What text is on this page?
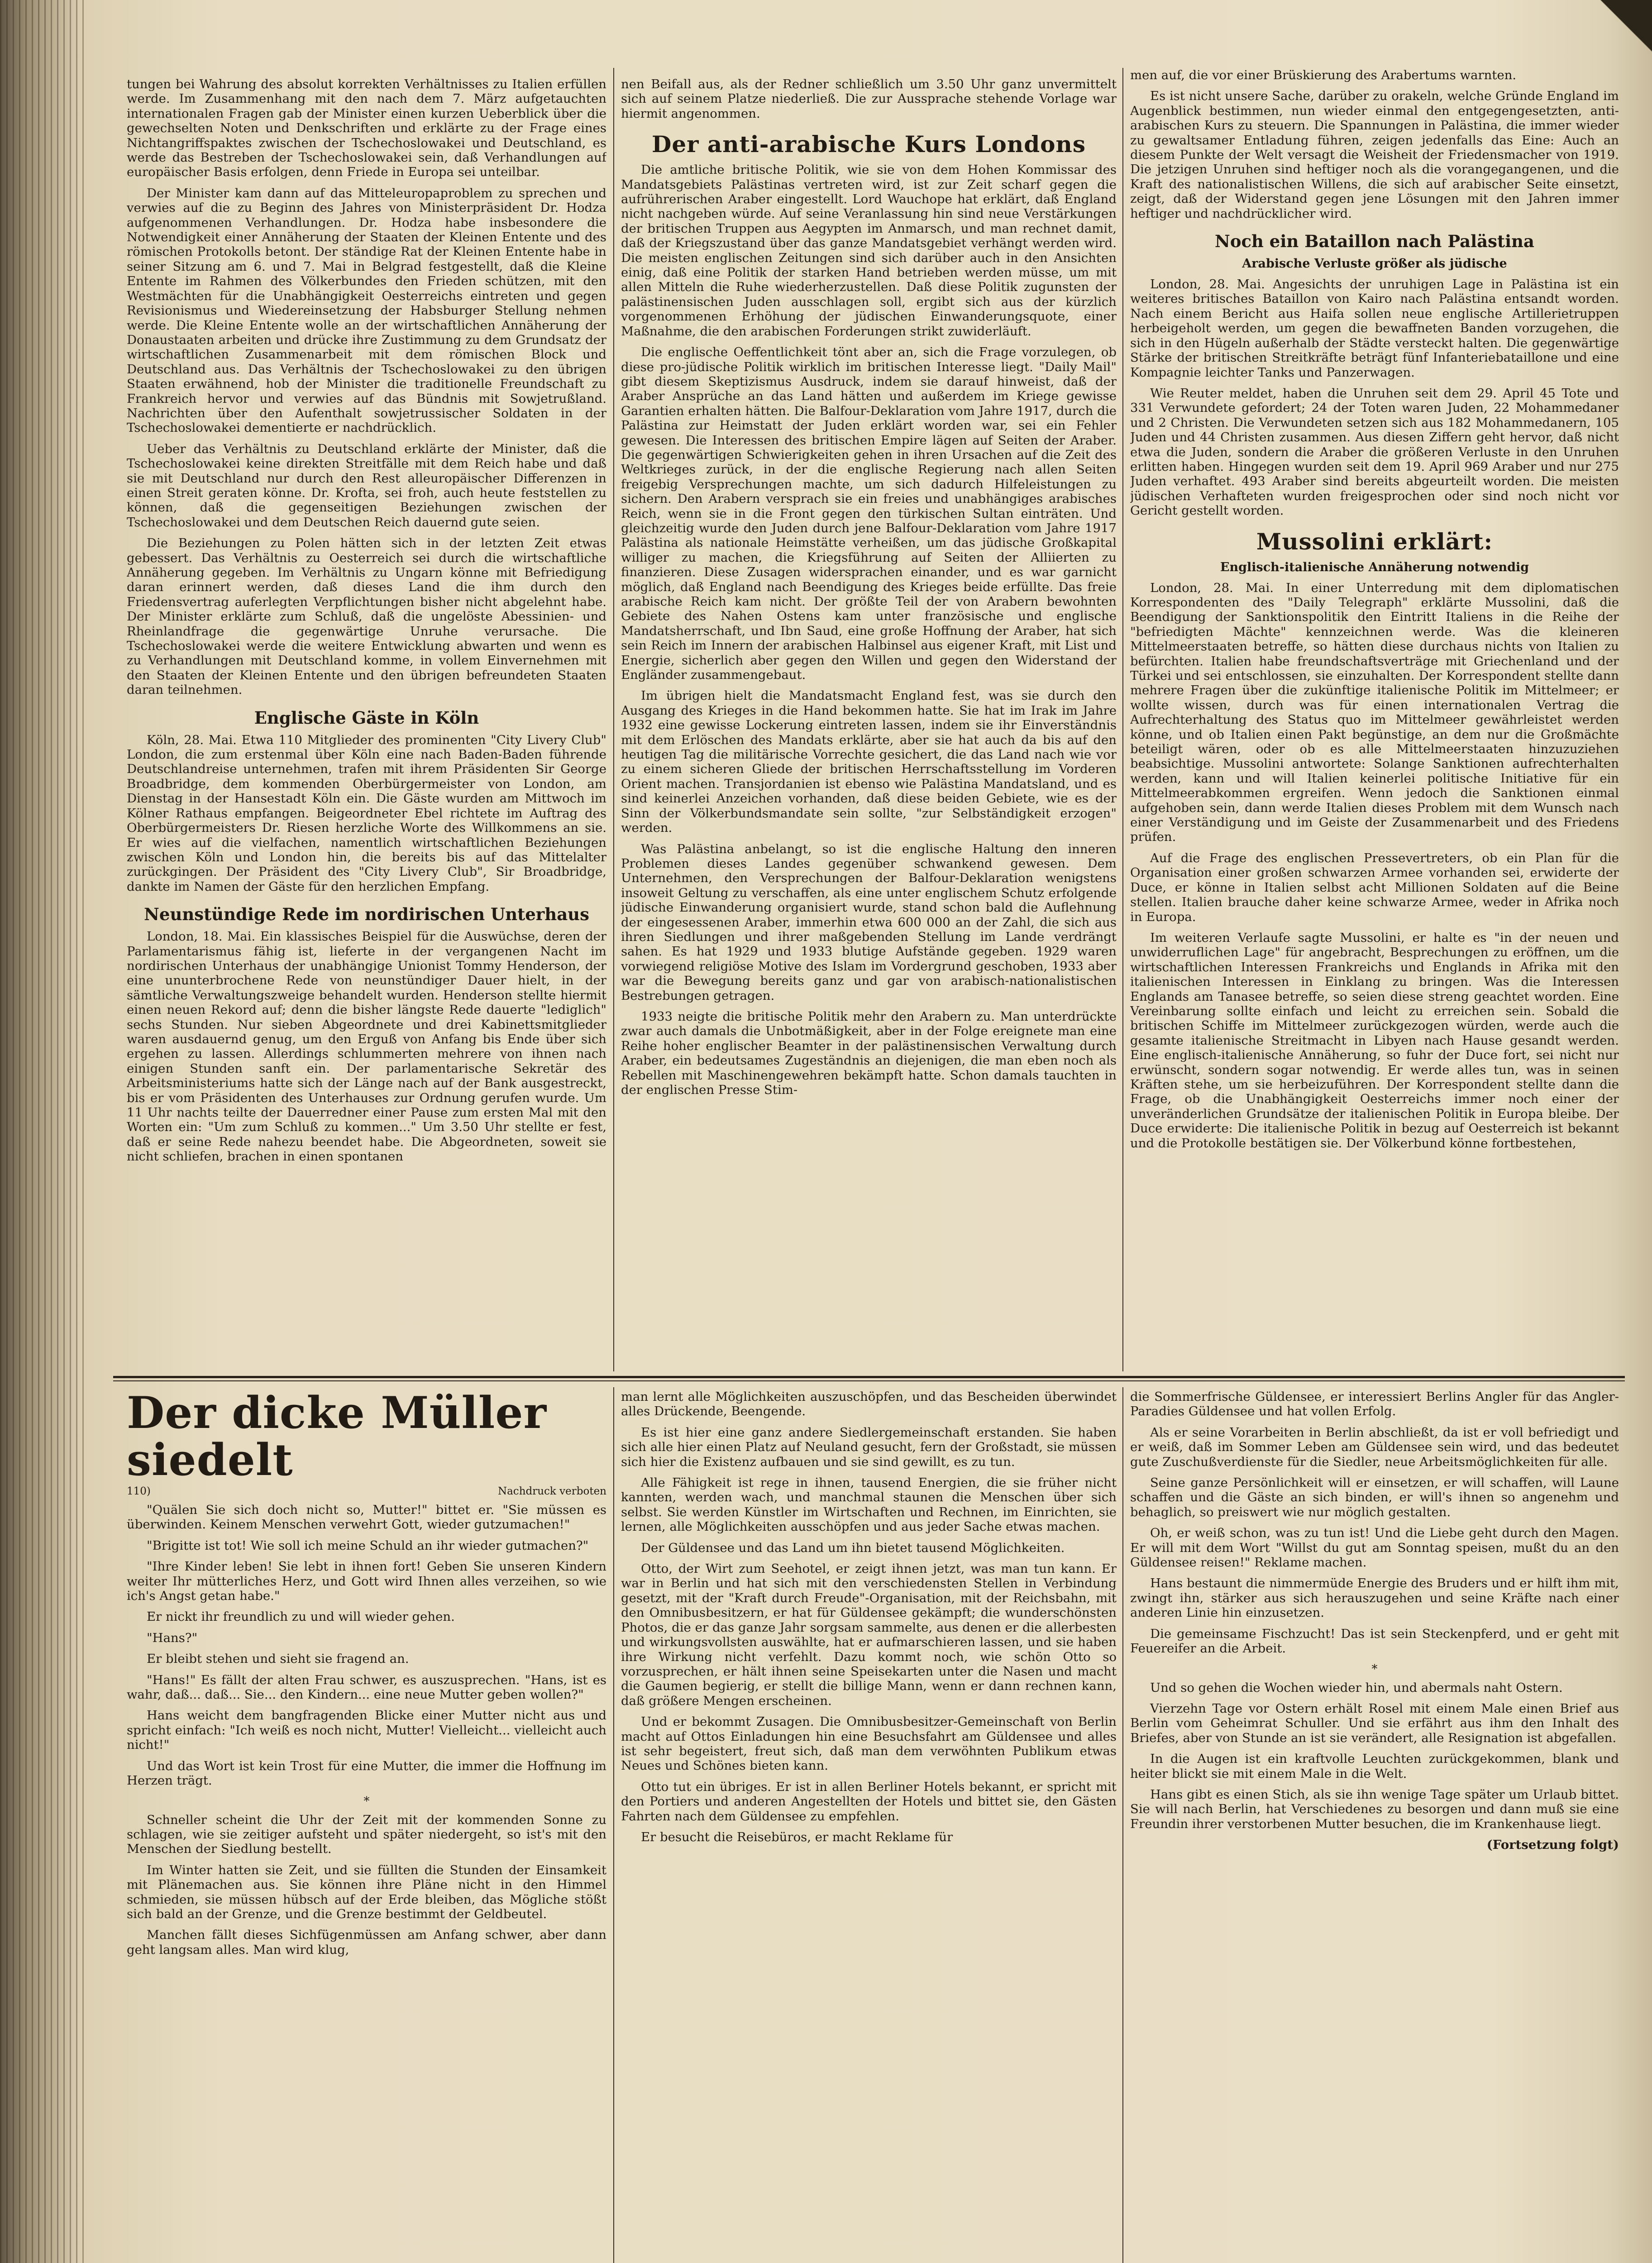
tungen bei Wahrung des absolut korrekten Verhältnisses zu Italien erfüllen werde. Im Zusammenhang mit den nach dem 7. März aufgetauchten internationalen Fragen gab der Minister einen kurzen Ueberblick über die gewechselten Noten und Denkschriften und erklärte zu der Frage eines Nichtangriffspaktes zwischen der Tschechoslowakei und Deutschland, es werde das Bestreben der Tschechoslowakei sein, daß Verhandlungen auf europäischer Basis erfolgen, denn Friede in Europa sei unteilbar.

Der Minister kam dann auf das Mitteleuropaproblem zu sprechen und verwies auf die zu Beginn des Jahres von Ministerpräsident Dr. Hodza aufgenommenen Verhandlungen. Dr. Hodza habe insbesondere die Notwendigkeit einer Annäherung der Staaten der Kleinen Entente und des römischen Protokolls betont. Der ständige Rat der Kleinen Entente habe in seiner Sitzung am 6. und 7. Mai in Belgrad festgestellt, daß die Kleine Entente im Rahmen des Völkerbundes den Frieden schützen, mit den Westmächten für die Unabhängigkeit Oesterreichs eintreten und gegen Revisionismus und Wiedereinsetzung der Habsburger Stellung nehmen werde. Die Kleine Entente wolle an der wirtschaftlichen Annäherung der Donaustaaten arbeiten und drücke ihre Zustimmung zu dem Grundsatz der wirtschaftlichen Zusammenarbeit mit dem römischen Block und Deutschland aus. Das Verhältnis der Tschechoslowakei zu den übrigen Staaten erwähnend, hob der Minister die traditionelle Freundschaft zu Frankreich hervor und verwies auf das Bündnis mit Sowjetrußland. Nachrichten über den Aufenthalt sowjetrussischer Soldaten in der Tschechoslowakei dementierte er nachdrücklich.

Ueber das Verhältnis zu Deutschland erklärte der Minister, daß die Tschechoslowakei keine direkten Streitfälle mit dem Reich habe und daß sie mit Deutschland nur durch den Rest alleuropäischer Differenzen in einen Streit geraten könne. Dr. Krofta, sei froh, auch heute feststellen zu können, daß die gegenseitigen Beziehungen zwischen der Tschechoslowakei und dem Deutschen Reich dauernd gute seien.

Die Beziehungen zu Polen hätten sich in der letzten Zeit etwas gebessert. Das Verhältnis zu Oesterreich sei durch die wirtschaftliche Annäherung gegeben. Im Verhältnis zu Ungarn könne mit Befriedigung daran erinnert werden, daß dieses Land die ihm durch den Friedensvertrag auferlegten Verpflichtungen bisher nicht abgelehnt habe. Der Minister erklärte zum Schluß, daß die ungelöste Abessinien- und Rheinlandfrage die gegenwärtige Unruhe verursache. Die Tschechoslowakei werde die weitere Entwicklung abwarten und wenn es zu Verhandlungen mit Deutschland komme, in vollem Einvernehmen mit den Staaten der Kleinen Entente und den übrigen befreundeten Staaten daran teilnehmen.

Englische Gäste in Köln

Köln, 28. Mai. Etwa 110 Mitglieder des prominenten "City Livery Club" London, die zum erstenmal über Köln eine nach Baden-Baden führende Deutschlandreise unternehmen, trafen mit ihrem Präsidenten Sir George Broadbridge, dem kommenden Oberbürgermeister von London, am Dienstag in der Hansestadt Köln ein. Die Gäste wurden am Mittwoch im Kölner Rathaus empfangen. Beigeordneter Ebel richtete im Auftrag des Oberbürgermeisters Dr. Riesen herzliche Worte des Willkommens an sie. Er wies auf die vielfachen, namentlich wirtschaftlichen Beziehungen zwischen Köln und London hin, die bereits bis auf das Mittelalter zurückgingen. Der Präsident des "City Livery Club", Sir Broadbridge, dankte im Namen der Gäste für den herzlichen Empfang.

Neunstündige Rede im nordirischen Unterhaus

London, 18. Mai. Ein klassisches Beispiel für die Auswüchse, deren der Parlamentarismus fähig ist, lieferte in der vergangenen Nacht im nordirischen Unterhaus der unabhängige Unionist Tommy Henderson, der eine ununterbrochene Rede von neunstündiger Dauer hielt, in der sämtliche Verwaltungszweige behandelt wurden. Henderson stellte hiermit einen neuen Rekord auf; denn die bisher längste Rede dauerte "lediglich" sechs Stunden. Nur sieben Abgeordnete und drei Kabinettsmitglieder waren ausdauernd genug, um den Erguß von Anfang bis Ende über sich ergehen zu lassen. Allerdings schlummerten mehrere von ihnen nach einigen Stunden sanft ein. Der parlamentarische Sekretär des Arbeitsministeriums hatte sich der Länge nach auf der Bank ausgestreckt, bis er vom Präsidenten des Unterhauses zur Ordnung gerufen wurde. Um 11 Uhr nachts teilte der Dauerredner einer Pause zum ersten Mal mit den Worten ein: "Um zum Schluß zu kommen..." Um 3.50 Uhr stellte er fest, daß er seine Rede nahezu beendet habe. Die Abgeordneten, soweit sie nicht schliefen, brachen in einen spontanen

nen Beifall aus, als der Redner schließlich um 3.50 Uhr ganz unvermittelt sich auf seinem Platze niederließ. Die zur Aussprache stehende Vorlage war hiermit angenommen.

Der anti-arabische Kurs Londons

Die amtliche britische Politik, wie sie von dem Hohen Kommissar des Mandatsgebiets Palästinas vertreten wird, ist zur Zeit scharf gegen die aufrührerischen Araber eingestellt. Lord Wauchope hat erklärt, daß England nicht nachgeben würde. Auf seine Veranlassung hin sind neue Verstärkungen der britischen Truppen aus Aegypten im Anmarsch, und man rechnet damit, daß der Kriegszustand über das ganze Mandatsgebiet verhängt werden wird. Die meisten englischen Zeitungen sind sich darüber auch in den Ansichten einig, daß eine Politik der starken Hand betrieben werden müsse, um mit allen Mitteln die Ruhe wiederherzustellen. Daß diese Politik zugunsten der palästinensischen Juden ausschlagen soll, ergibt sich aus der kürzlich vorgenommenen Erhöhung der jüdischen Einwanderungsquote, einer Maßnahme, die den arabischen Forderungen strikt zuwiderläuft.

Die englische Oeffentlichkeit tönt aber an, sich die Frage vorzulegen, ob diese pro-jüdische Politik wirklich im britischen Interesse liegt. "Daily Mail" gibt diesem Skeptizismus Ausdruck, indem sie darauf hinweist, daß der Araber Ansprüche an das Land hätten und außerdem im Kriege gewisse Garantien erhalten hätten. Die Balfour-Deklaration vom Jahre 1917, durch die Palästina zur Heimstatt der Juden erklärt worden war, sei ein Fehler gewesen. Die Interessen des britischen Empire lägen auf Seiten der Araber. Die gegenwärtigen Schwierigkeiten gehen in ihren Ursachen auf die Zeit des Weltkrieges zurück, in der die englische Regierung nach allen Seiten freigebig Versprechungen machte, um sich dadurch Hilfeleistungen zu sichern. Den Arabern versprach sie ein freies und unabhängiges arabisches Reich, wenn sie in die Front gegen den türkischen Sultan einträten. Und gleichzeitig wurde den Juden durch jene Balfour-Deklaration vom Jahre 1917 Palästina als nationale Heimstätte verheißen, um das jüdische Großkapital williger zu machen, die Kriegsführung auf Seiten der Alliierten zu finanzieren. Diese Zusagen widersprachen einander, und es war garnicht möglich, daß England nach Beendigung des Krieges beide erfüllte. Das freie arabische Reich kam nicht. Der größte Teil der von Arabern bewohnten Gebiete des Nahen Ostens kam unter französische und englische Mandatsherrschaft, und Ibn Saud, eine große Hoffnung der Araber, hat sich sein Reich im Innern der arabischen Halbinsel aus eigener Kraft, mit List und Energie, sicherlich aber gegen den Willen und gegen den Widerstand der Engländer zusammengebaut.

Im übrigen hielt die Mandatsmacht England fest, was sie durch den Ausgang des Krieges in die Hand bekommen hatte. Sie hat im Irak im Jahre 1932 eine gewisse Lockerung eintreten lassen, indem sie ihr Einverständnis mit dem Erlöschen des Mandats erklärte, aber sie hat auch da bis auf den heutigen Tag die militärische Vorrechte gesichert, die das Land nach wie vor zu einem sicheren Gliede der britischen Herrschaftsstellung im Vorderen Orient machen. Transjordanien ist ebenso wie Palästina Mandatsland, und es sind keinerlei Anzeichen vorhanden, daß diese beiden Gebiete, wie es der Sinn der Völkerbundsmandate sein sollte, "zur Selbständigkeit erzogen" werden.

Was Palästina anbelangt, so ist die englische Haltung den inneren Problemen dieses Landes gegenüber schwankend gewesen. Dem Unternehmen, den Versprechungen der Balfour-Deklaration wenigstens insoweit Geltung zu verschaffen, als eine unter englischem Schutz erfolgende jüdische Einwanderung organisiert wurde, stand schon bald die Auflehnung der eingesessenen Araber, immerhin etwa 600 000 an der Zahl, die sich aus ihren Siedlungen und ihrer maßgebenden Stellung im Lande verdrängt sahen. Es hat 1929 und 1933 blutige Aufstände gegeben. 1929 waren vorwiegend religiöse Motive des Islam im Vordergrund geschoben, 1933 aber war die Bewegung bereits ganz und gar von arabisch-nationalistischen Bestrebungen getragen.

1933 neigte die britische Politik mehr den Arabern zu. Man unterdrückte zwar auch damals die Unbotmäßigkeit, aber in der Folge ereignete man eine Reihe hoher englischer Beamter in der palästinensischen Verwaltung durch Araber, ein bedeutsames Zugeständnis an diejenigen, die man eben noch als Rebellen mit Maschinengewehren bekämpft hatte. Schon damals tauchten in der englischen Presse Stim-

men auf, die vor einer Brüskierung des Arabertums warnten.

Es ist nicht unsere Sache, darüber zu orakeln, welche Gründe England im Augenblick bestimmen, nun wieder einmal den entgegengesetzten, anti-arabischen Kurs zu steuern. Die Spannungen in Palästina, die immer wieder zu gewaltsamer Entladung führen, zeigen jedenfalls das Eine: Auch an diesem Punkte der Welt versagt die Weisheit der Friedensmacher von 1919. Die jetzigen Unruhen sind heftiger noch als die vorangegangenen, und die Kraft des nationalistischen Willens, die sich auf arabischer Seite einsetzt, zeigt, daß der Widerstand gegen jene Lösungen mit den Jahren immer heftiger und nachdrücklicher wird.

Noch ein Bataillon nach Palästina
Arabische Verluste größer als jüdische

London, 28. Mai. Angesichts der unruhigen Lage in Palästina ist ein weiteres britisches Bataillon von Kairo nach Palästina entsandt worden. Nach einem Bericht aus Haifa sollen neue englische Artillerietruppen herbeigeholt werden, um gegen die bewaffneten Banden vorzugehen, die sich in den Hügeln außerhalb der Städte versteckt halten. Die gegenwärtige Stärke der britischen Streitkräfte beträgt fünf Infanteriebataillone und eine Kompagnie leichter Tanks und Panzerwagen.

Wie Reuter meldet, haben die Unruhen seit dem 29. April 45 Tote und 331 Verwundete gefordert; 24 der Toten waren Juden, 22 Mohammedaner und 2 Christen. Die Verwundeten setzen sich aus 182 Mohammedanern, 105 Juden und 44 Christen zusammen. Aus diesen Ziffern geht hervor, daß nicht etwa die Juden, sondern die Araber die größeren Verluste in den Unruhen erlitten haben. Hingegen wurden seit dem 19. April 969 Araber und nur 275 Juden verhaftet. 493 Araber sind bereits abgeurteilt worden. Die meisten jüdischen Verhafteten wurden freigesprochen oder sind noch nicht vor Gericht gestellt worden.

Mussolini erklärt:
Englisch-italienische Annäherung notwendig

London, 28. Mai. In einer Unterredung mit dem diplomatischen Korrespondenten des "Daily Telegraph" erklärte Mussolini, daß die Beendigung der Sanktionspolitik den Eintritt Italiens in die Reihe der "befriedigten Mächte" kennzeichnen werde. Was die kleineren Mittelmeerstaaten betreffe, so hätten diese durchaus nichts von Italien zu befürchten. Italien habe freundschaftsverträge mit Griechenland und der Türkei und sei entschlossen, sie einzuhalten. Der Korrespondent stellte dann mehrere Fragen über die zukünftige italienische Politik im Mittelmeer; er wollte wissen, durch was für einen internationalen Vertrag die Aufrechterhaltung des Status quo im Mittelmeer gewährleistet werden könne, und ob Italien einen Pakt begünstige, an dem nur die Großmächte beteiligt wären, oder ob es alle Mittelmeerstaaten hinzuzuziehen beabsichtige. Mussolini antwortete: Solange Sanktionen aufrechterhalten werden, kann und will Italien keinerlei politische Initiative für ein Mittelmeerabkommen ergreifen. Wenn jedoch die Sanktionen einmal aufgehoben sein, dann werde Italien dieses Problem mit dem Wunsch nach einer Verständigung und im Geiste der Zusammenarbeit und des Friedens prüfen.

Auf die Frage des englischen Pressevertreters, ob ein Plan für die Organisation einer großen schwarzen Armee vorhanden sei, erwiderte der Duce, er könne in Italien selbst acht Millionen Soldaten auf die Beine stellen. Italien brauche daher keine schwarze Armee, weder in Afrika noch in Europa.

Im weiteren Verlaufe sagte Mussolini, er halte es "in der neuen und unwiderruflichen Lage" für angebracht, Besprechungen zu eröffnen, um die wirtschaftlichen Interessen Frankreichs und Englands in Afrika mit den italienischen Interessen in Einklang zu bringen. Was die Interessen Englands am Tanasee betreffe, so seien diese streng geachtet worden. Eine Vereinbarung sollte einfach und leicht zu erreichen sein. Sobald die britischen Schiffe im Mittelmeer zurückgezogen würden, werde auch die gesamte italienische Streitmacht in Libyen nach Hause gesandt werden. Eine englisch-italienische Annäherung, so fuhr der Duce fort, sei nicht nur erwünscht, sondern sogar notwendig. Er werde alles tun, was in seinen Kräften stehe, um sie herbeizuführen. Der Korrespondent stellte dann die Frage, ob die Unabhängigkeit Oesterreichs immer noch einer der unveränderlichen Grundsätze der italienischen Politik in Europa bleibe. Der Duce erwiderte: Die italienische Politik in bezug auf Oesterreich ist bekannt und die Protokolle bestätigen sie. Der Völkerbund könne fortbestehen,

Der dicke Müller siedelt
110)	Nachdruck verboten

"Quälen Sie sich doch nicht so, Mutter!" bittet er. "Sie müssen es überwinden. Keinem Menschen verwehrt Gott, wieder gutzumachen!"

"Brigitte ist tot! Wie soll ich meine Schuld an ihr wieder gutmachen?"

"Ihre Kinder leben! Sie lebt in ihnen fort! Geben Sie unseren Kindern weiter Ihr mütterliches Herz, und Gott wird Ihnen alles verzeihen, so wie ich's Angst getan habe."

Er nickt ihr freundlich zu und will wieder gehen.

"Hans?"

Er bleibt stehen und sieht sie fragend an.

"Hans!" Es fällt der alten Frau schwer, es auszusprechen. "Hans, ist es wahr, daß... daß... Sie... den Kindern... eine neue Mutter geben wollen?"

Hans weicht dem bangfragenden Blicke einer Mutter nicht aus und spricht einfach: "Ich weiß es noch nicht, Mutter! Vielleicht... vielleicht auch nicht!"

Und das Wort ist kein Trost für eine Mutter, die immer die Hoffnung im Herzen trägt.

*

Schneller scheint die Uhr der Zeit mit der kommenden Sonne zu schlagen, wie sie zeitiger aufsteht und später niedergeht, so ist's mit den Menschen der Siedlung bestellt.

Im Winter hatten sie Zeit, und sie füllten die Stunden der Einsamkeit mit Plänemachen aus. Sie können ihre Pläne nicht in den Himmel schmieden, sie müssen hübsch auf der Erde bleiben, das Mögliche stößt sich bald an der Grenze, und die Grenze bestimmt der Geldbeutel.

Manchen fällt dieses Sichfügenmüssen am Anfang schwer, aber dann geht langsam alles. Man wird klug,

man lernt alle Möglichkeiten auszuschöpfen, und das Bescheiden überwindet alles Drückende, Beengende.

Es ist hier eine ganz andere Siedlergemeinschaft erstanden. Sie haben sich alle hier einen Platz auf Neuland gesucht, fern der Großstadt, sie müssen sich hier die Existenz aufbauen und sie sind gewillt, es zu tun.

Alle Fähigkeit ist rege in ihnen, tausend Energien, die sie früher nicht kannten, werden wach, und manchmal staunen die Menschen über sich selbst. Sie werden Künstler im Wirtschaften und Rechnen, im Einrichten, sie lernen, alle Möglichkeiten ausschöpfen und aus jeder Sache etwas machen.

Der Güldensee und das Land um ihn bietet tausend Möglichkeiten.

Otto, der Wirt zum Seehotel, er zeigt ihnen jetzt, was man tun kann. Er war in Berlin und hat sich mit den verschiedensten Stellen in Verbindung gesetzt, mit der "Kraft durch Freude"-Organisation, mit der Reichsbahn, mit den Omnibusbesitzern, er hat für Güldensee gekämpft; die wunderschönsten Photos, die er das ganze Jahr sorgsam sammelte, aus denen er die allerbesten und wirkungsvollsten auswählte, hat er aufmarschieren lassen, und sie haben ihre Wirkung nicht verfehlt. Dazu kommt noch, wie schön Otto so vorzusprechen, er hält ihnen seine Speisekarten unter die Nasen und macht die Gaumen begierig, er stellt die billige Mann, wenn er dann rechnen kann, daß größere Mengen erscheinen.

Und er bekommt Zusagen. Die Omnibusbesitzer-Gemeinschaft von Berlin macht auf Ottos Einladungen hin eine Besuchsfahrt am Güldensee und alles ist sehr begeistert, freut sich, daß man dem verwöhnten Publikum etwas Neues und Schönes bieten kann.

Otto tut ein übriges. Er ist in allen Berliner Hotels bekannt, er spricht mit den Portiers und anderen Angestellten der Hotels und bittet sie, den Gästen Fahrten nach dem Güldensee zu empfehlen.

Er besucht die Reisebüros, er macht Reklame für

die Sommerfrische Güldensee, er interessiert Berlins Angler für das Angler-Paradies Güldensee und hat vollen Erfolg.

Als er seine Vorarbeiten in Berlin abschließt, da ist er voll befriedigt und er weiß, daß im Sommer Leben am Güldensee sein wird, und das bedeutet gute Zuschußverdienste für die Siedler, neue Arbeitsmöglichkeiten für alle.

Seine ganze Persönlichkeit will er einsetzen, er will schaffen, will Laune schaffen und die Gäste an sich binden, er will's ihnen so angenehm und behaglich, so preiswert wie nur möglich gestalten.

Oh, er weiß schon, was zu tun ist! Und die Liebe geht durch den Magen. Er will mit dem Wort "Willst du gut am Sonntag speisen, mußt du an den Güldensee reisen!" Reklame machen.

Hans bestaunt die nimmermüde Energie des Bruders und er hilft ihm mit, zwingt ihn, stärker aus sich herauszugehen und seine Kräfte nach einer anderen Linie hin einzusetzen.

Die gemeinsame Fischzucht! Das ist sein Steckenpferd, und er geht mit Feuereifer an die Arbeit.

*

Und so gehen die Wochen wieder hin, und abermals naht Ostern.

Vierzehn Tage vor Ostern erhält Rosel mit einem Male einen Brief aus Berlin vom Geheimrat Schuller. Und sie erfährt aus ihm den Inhalt des Briefes, aber von Stunde an ist sie verändert, alle Resignation ist abgefallen.

In die Augen ist ein kraftvolle Leuchten zurückgekommen, blank und heiter blickt sie mit einem Male in die Welt.

Hans gibt es einen Stich, als sie ihn wenige Tage später um Urlaub bittet. Sie will nach Berlin, hat Verschiedenes zu besorgen und dann muß sie eine Freundin ihrer verstorbenen Mutter besuchen, die im Krankenhause liegt.

(Fortsetzung folgt)
